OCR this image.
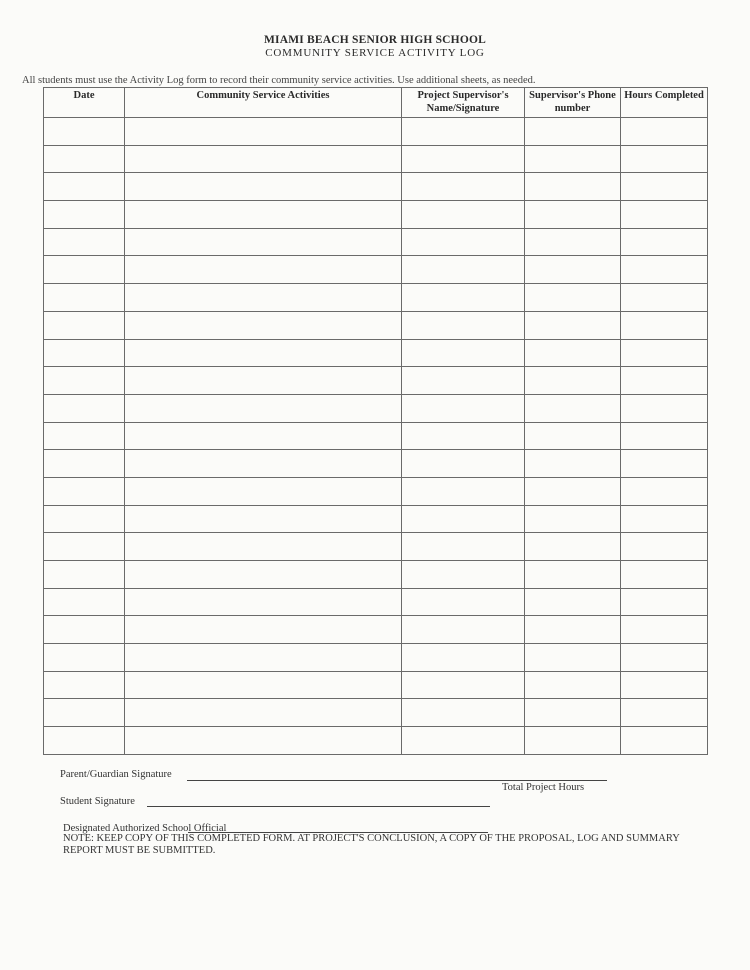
MIAMI BEACH SENIOR HIGH SCHOOL
COMMUNITY SERVICE ACTIVITY LOG
All students must use the Activity Log form to record their community service activities. Use additional sheets, as needed.
Date	Community Service Activities	Project Supervisor's Name/Signature	Supervisor's Phone number	Hours Completed

Parent/Guardian Signature
Total Project Hours
Student Signature
Designated Authorized School Official
NOTE: KEEP COPY OF THIS COMPLETED FORM. AT PROJECT'S CONCLUSION, A COPY OF THE PROPOSAL, LOG AND SUMMARY REPORT MUST BE SUBMITTED.
